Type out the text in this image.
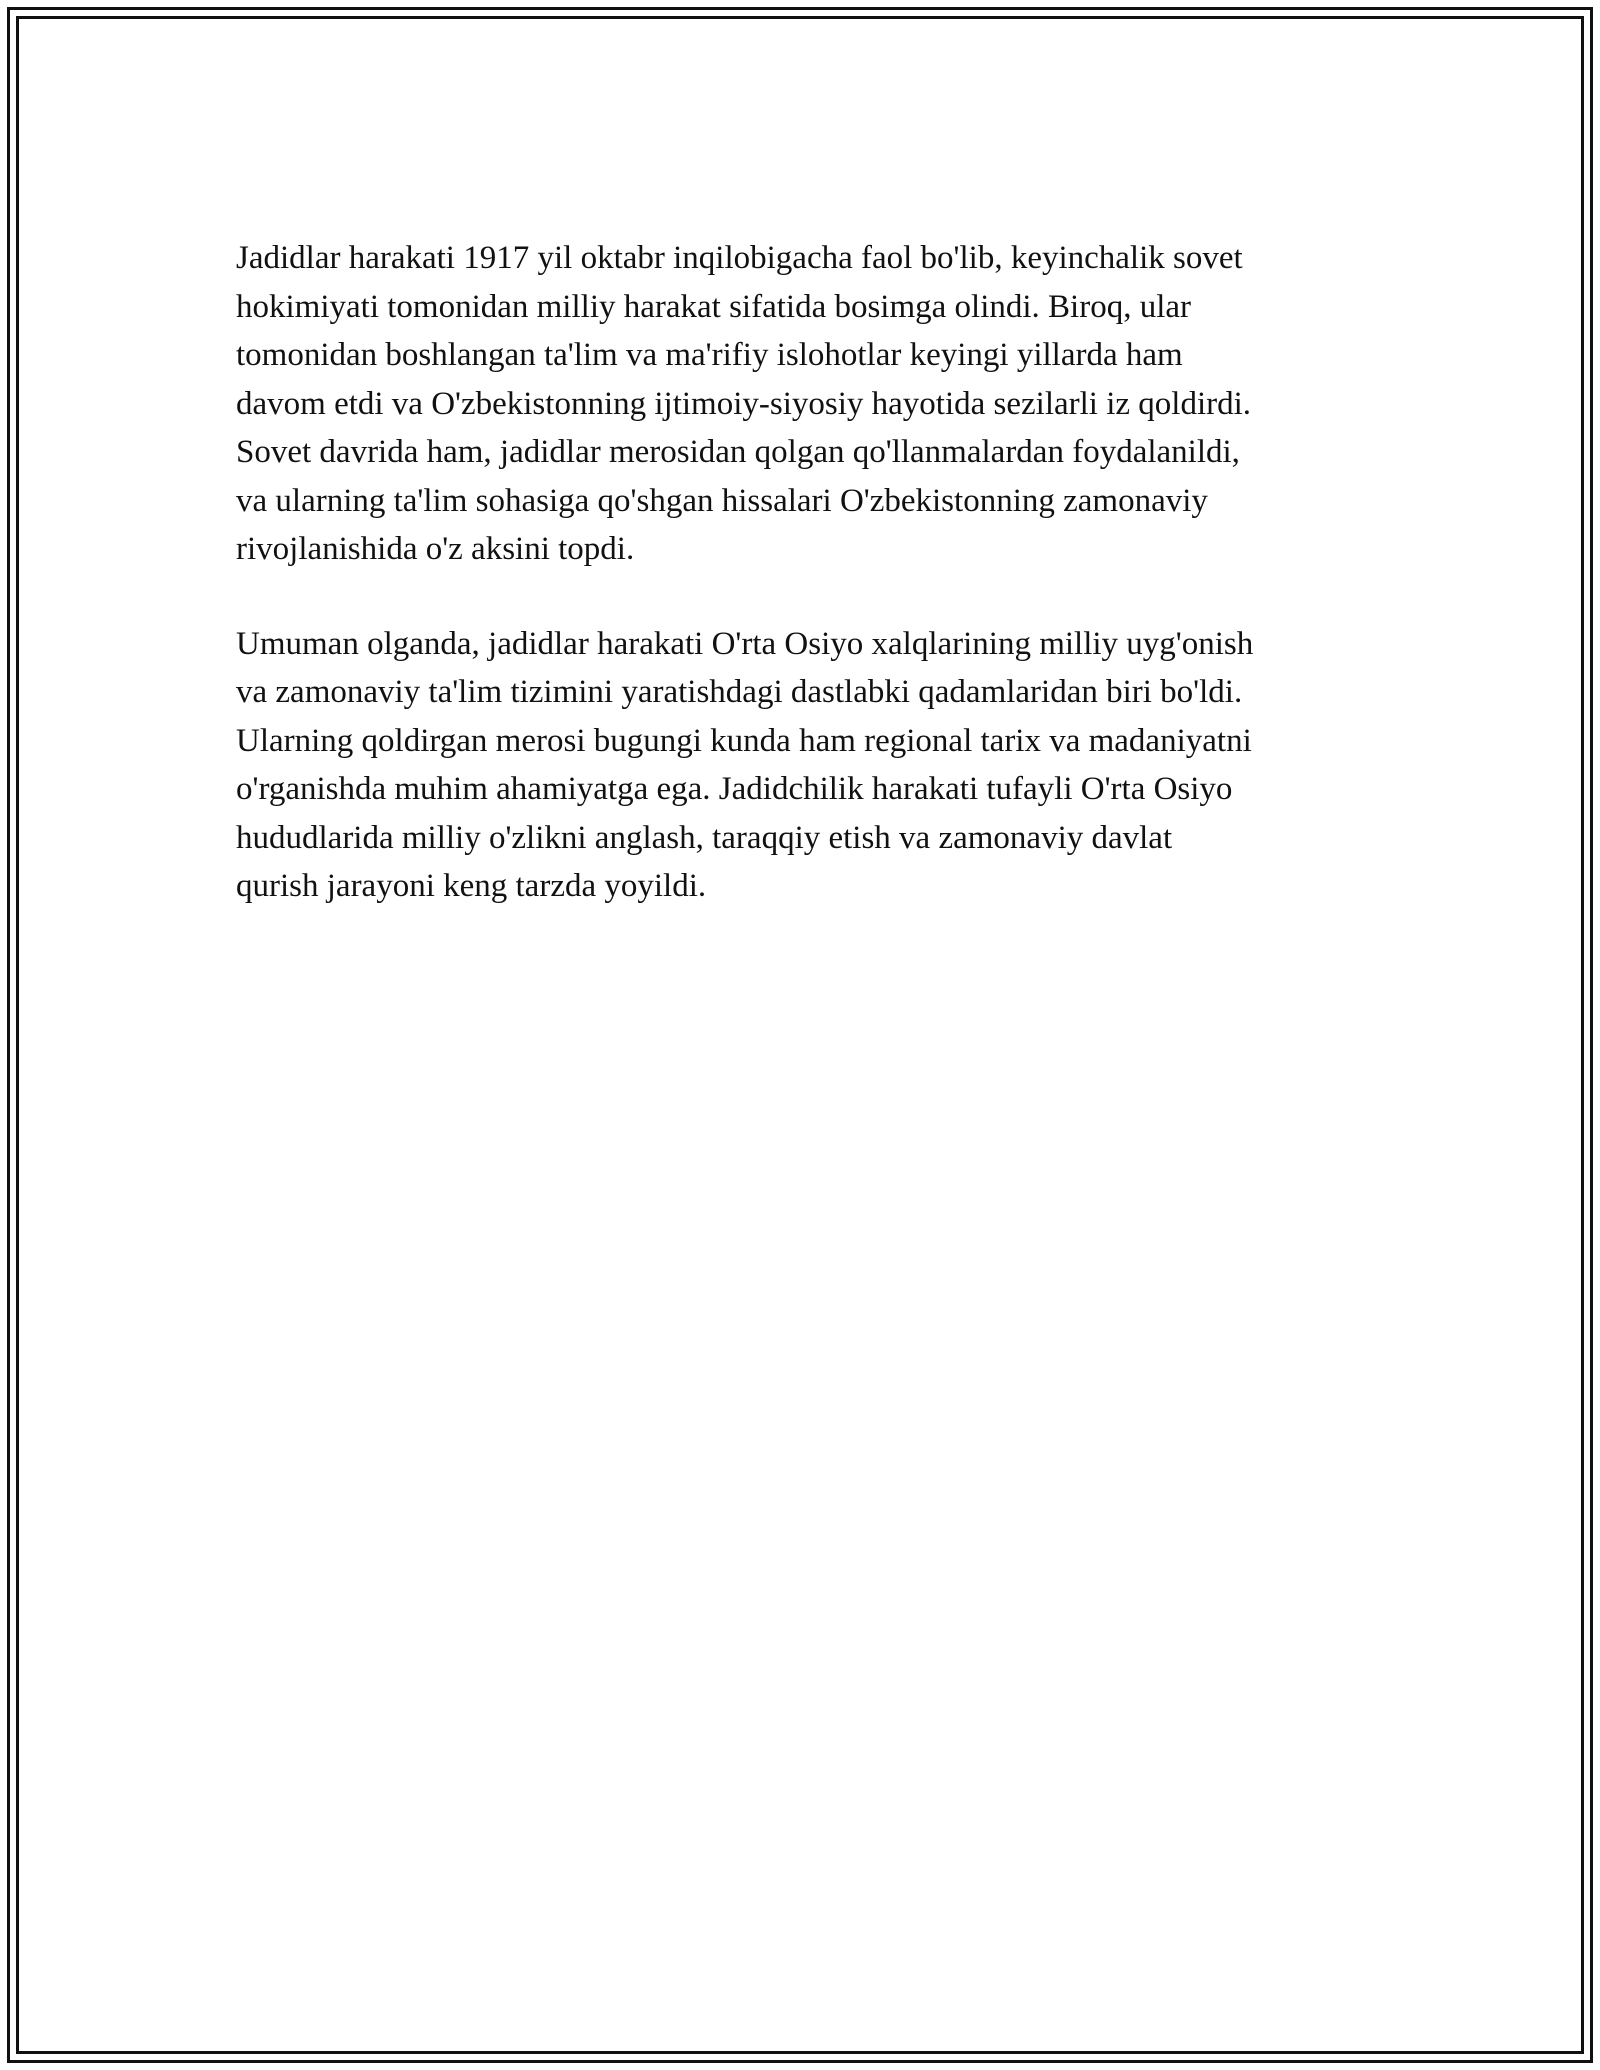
Jadidlar harakati 1917 yil oktabr inqilobigacha faol bo'lib, keyinchalik sovet
hokimiyati tomonidan milliy harakat sifatida bosimga olindi. Biroq, ular
tomonidan boshlangan ta'lim va ma'rifiy islohotlar keyingi yillarda ham
davom etdi va O'zbekistonning ijtimoiy-siyosiy hayotida sezilarli iz qoldirdi.
Sovet davrida ham, jadidlar merosidan qolgan qo'llanmalardan foydalanildi,
va ularning ta'lim sohasiga qo'shgan hissalari O'zbekistonning zamonaviy
rivojlanishida o'z aksini topdi.

Umuman olganda, jadidlar harakati O'rta Osiyo xalqlarining milliy uyg'onish
va zamonaviy ta'lim tizimini yaratishdagi dastlabki qadamlaridan biri bo'ldi.
Ularning qoldirgan merosi bugungi kunda ham regional tarix va madaniyatni
o'rganishda muhim ahamiyatga ega. Jadidchilik harakati tufayli O'rta Osiyo
hududlarida milliy o'zlikni anglash, taraqqiy etish va zamonaviy davlat
qurish jarayoni keng tarzda yoyildi.
